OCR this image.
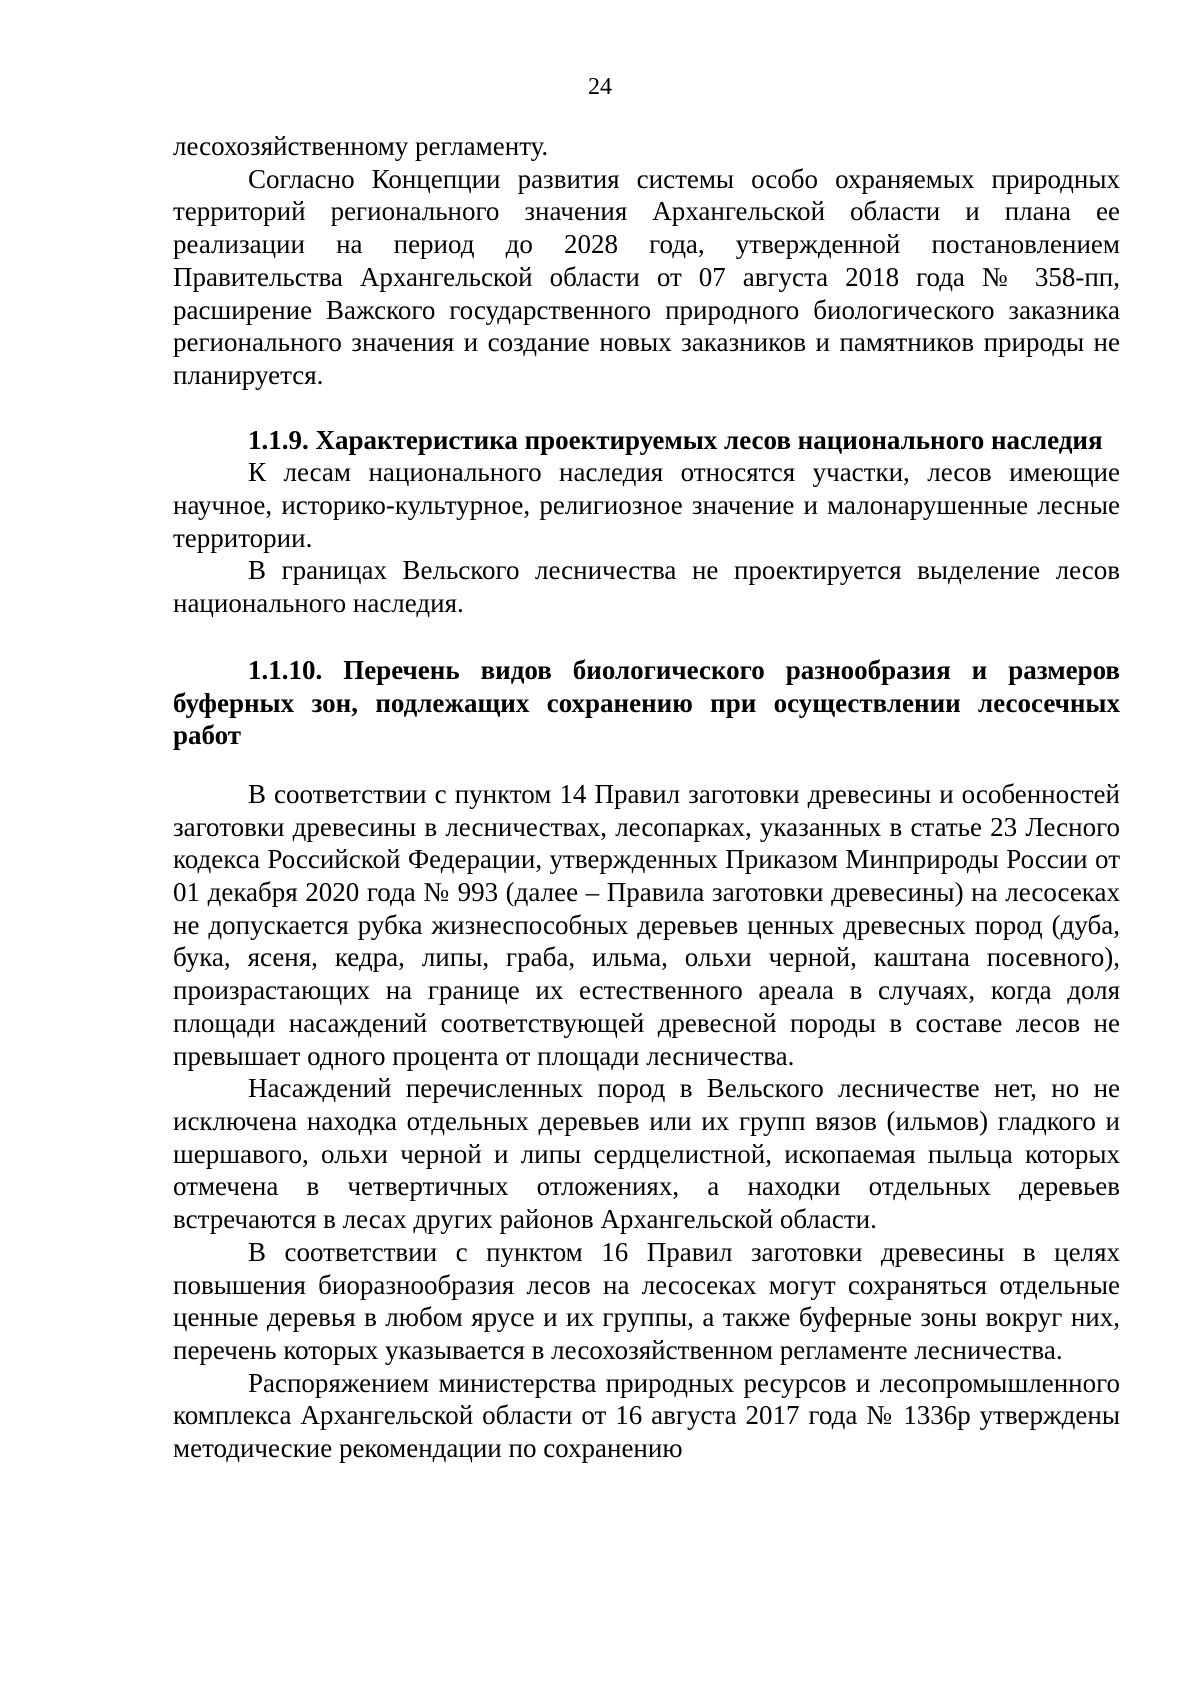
24

лесохозяйственному регламенту.

Согласно Концепции развития системы особо охраняемых природных территорий регионального значения Архангельской области и плана ее реализации на период до 2028 года, утвержденной постановлением Правительства Архангельской области от 07 августа 2018 года № 358-пп, расширение Важского государственного природного биологического заказника регионального значения и создание новых заказников и памятников природы не планируется.

1.1.9. Характеристика проектируемых лесов национального наследия

К лесам национального наследия относятся участки, лесов имеющие научное, историко-культурное, религиозное значение и малонарушенные лесные территории.

В границах Вельского лесничества не проектируется выделение лесов национального наследия.

1.1.10. Перечень видов биологического разнообразия и размеров буферных зон, подлежащих сохранению при осуществлении лесосечных работ

В соответствии с пунктом 14 Правил заготовки древесины и особенностей заготовки древесины в лесничествах, лесопарках, указанных в статье 23 Лесного кодекса Российской Федерации, утвержденных Приказом Минприроды России от 01 декабря 2020 года № 993 (далее – Правила заготовки древесины) на лесосеках не допускается рубка жизнеспособных деревьев ценных древесных пород (дуба, бука, ясеня, кедра, липы, граба, ильма, ольхи черной, каштана посевного), произрастающих на границе их естественного ареала в случаях, когда доля площади насаждений соответствующей древесной породы в составе лесов не превышает одного процента от площади лесничества.

Насаждений перечисленных пород в Вельского лесничестве нет, но не исключена находка отдельных деревьев или их групп вязов (ильмов) гладкого и шершавого, ольхи черной и липы сердцелистной, ископаемая пыльца которых отмечена в четвертичных отложениях, а находки отдельных деревьев встречаются в лесах других районов Архангельской области.

В соответствии с пунктом 16 Правил заготовки древесины в целях повышения биоразнообразия лесов на лесосеках могут сохраняться отдельные ценные деревья в любом ярусе и их группы, а также буферные зоны вокруг них, перечень которых указывается в лесохозяйственном регламенте лесничества.

Распоряжением министерства природных ресурсов и лесопромышленного комплекса Архангельской области от 16 августа 2017 года № 1336р утверждены методические рекомендации по сохранению
